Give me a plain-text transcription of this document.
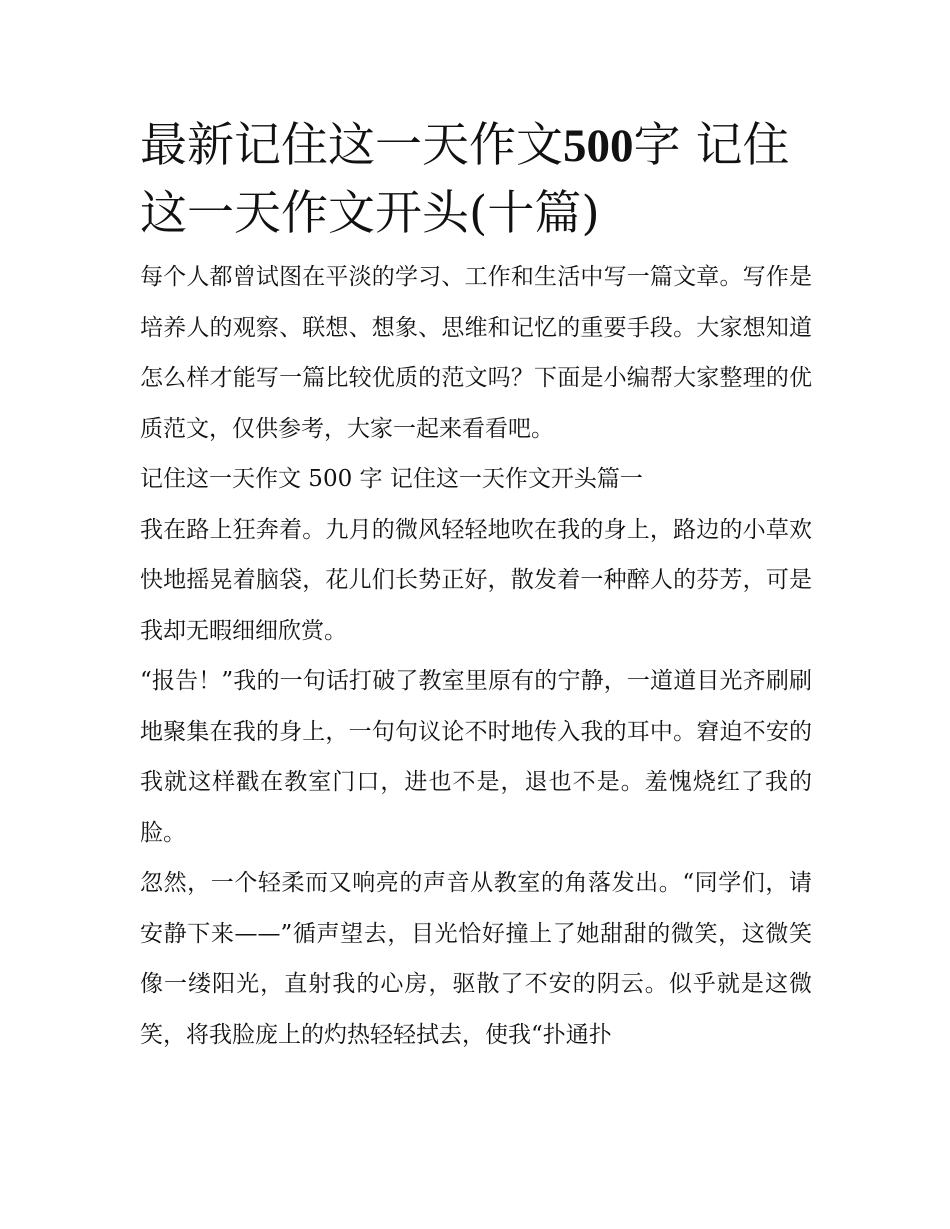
最新记住这一天作文500字 记住这一天作文开头(十篇)

每个人都曾试图在平淡的学习、工作和生活中写一篇文章。写作是培养人的观察、联想、想象、思维和记忆的重要手段。大家想知道怎么样才能写一篇比较优质的范文吗？下面是小编帮大家整理的优质范文，仅供参考，大家一起来看看吧。

记住这一天作文 500 字 记住这一天作文开头篇一

我在路上狂奔着。九月的微风轻轻地吹在我的身上，路边的小草欢快地摇晃着脑袋，花儿们长势正好，散发着一种醉人的芬芳，可是我却无暇细细欣赏。

“报告！”我的一句话打破了教室里原有的宁静，一道道目光齐刷刷地聚集在我的身上，一句句议论不时地传入我的耳中。窘迫不安的我就这样戳在教室门口，进也不是，退也不是。羞愧烧红了我的脸。

忽然，一个轻柔而又响亮的声音从教室的角落发出。“同学们，请安静下来——”循声望去，目光恰好撞上了她甜甜的微笑，这微笑像一缕阳光，直射我的心房，驱散了不安的阴云。似乎就是这微笑，将我脸庞上的灼热轻轻拭去，使我“扑通扑
